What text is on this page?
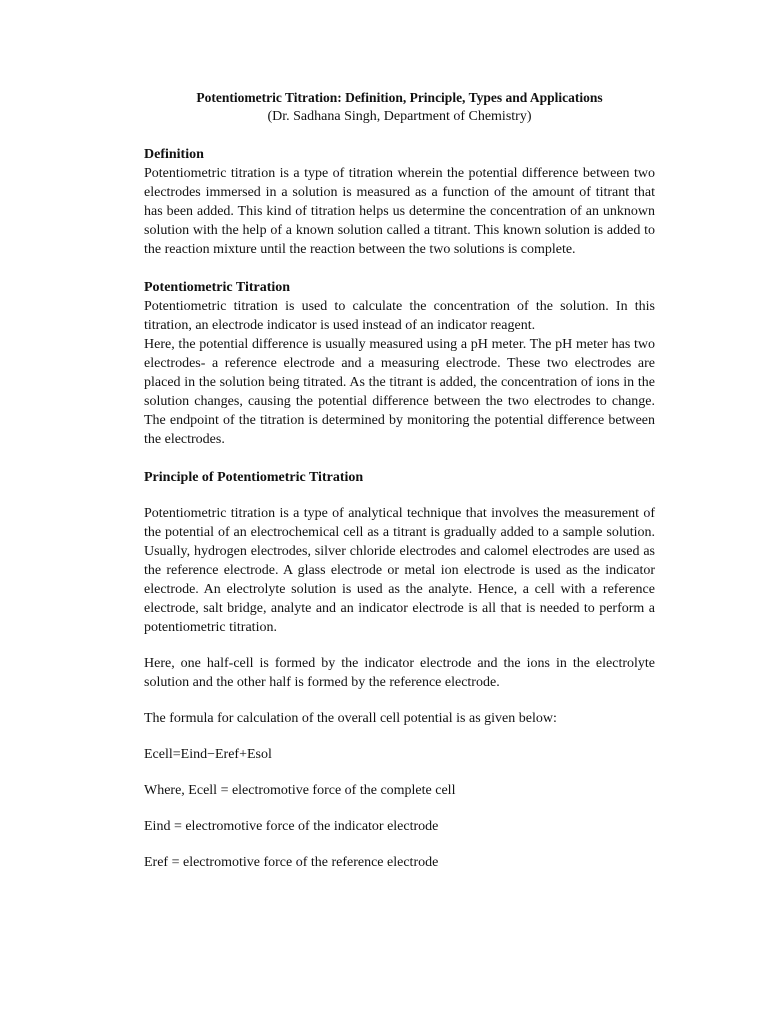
Potentiometric Titration: Definition, Principle, Types and Applications

(Dr. Sadhana Singh, Department of Chemistry)

Definition

Potentiometric titration is a type of titration wherein the potential difference between two electrodes immersed in a solution is measured as a function of the amount of titrant that has been added. This kind of titration helps us determine the concentration of an unknown solution with the help of a known solution called a titrant. This known solution is added to the reaction mixture until the reaction between the two solutions is complete.

Potentiometric Titration

Potentiometric titration is used to calculate the concentration of the solution. In this titration, an electrode indicator is used instead of an indicator reagent.

Here, the potential difference is usually measured using a pH meter. The pH meter has two electrodes- a reference electrode and a measuring electrode. These two electrodes are placed in the solution being titrated. As the titrant is added, the concentration of ions in the solution changes, causing the potential difference between the two electrodes to change. The endpoint of the titration is determined by monitoring the potential difference between the electrodes.

Principle of Potentiometric Titration

Potentiometric titration is a type of analytical technique that involves the measurement of the potential of an electrochemical cell as a titrant is gradually added to a sample solution. Usually, hydrogen electrodes, silver chloride electrodes and calomel electrodes are used as the reference electrode. A glass electrode or metal ion electrode is used as the indicator electrode. An electrolyte solution is used as the analyte. Hence, a cell with a reference electrode, salt bridge, analyte and an indicator electrode is all that is needed to perform a potentiometric titration.

Here, one half-cell is formed by the indicator electrode and the ions in the electrolyte solution and the other half is formed by the reference electrode.

The formula for calculation of the overall cell potential is as given below:

Ecell=Eind−Eref+Esol

Where, Ecell = electromotive force of the complete cell

Eind = electromotive force of the indicator electrode

Eref = electromotive force of the reference electrode
